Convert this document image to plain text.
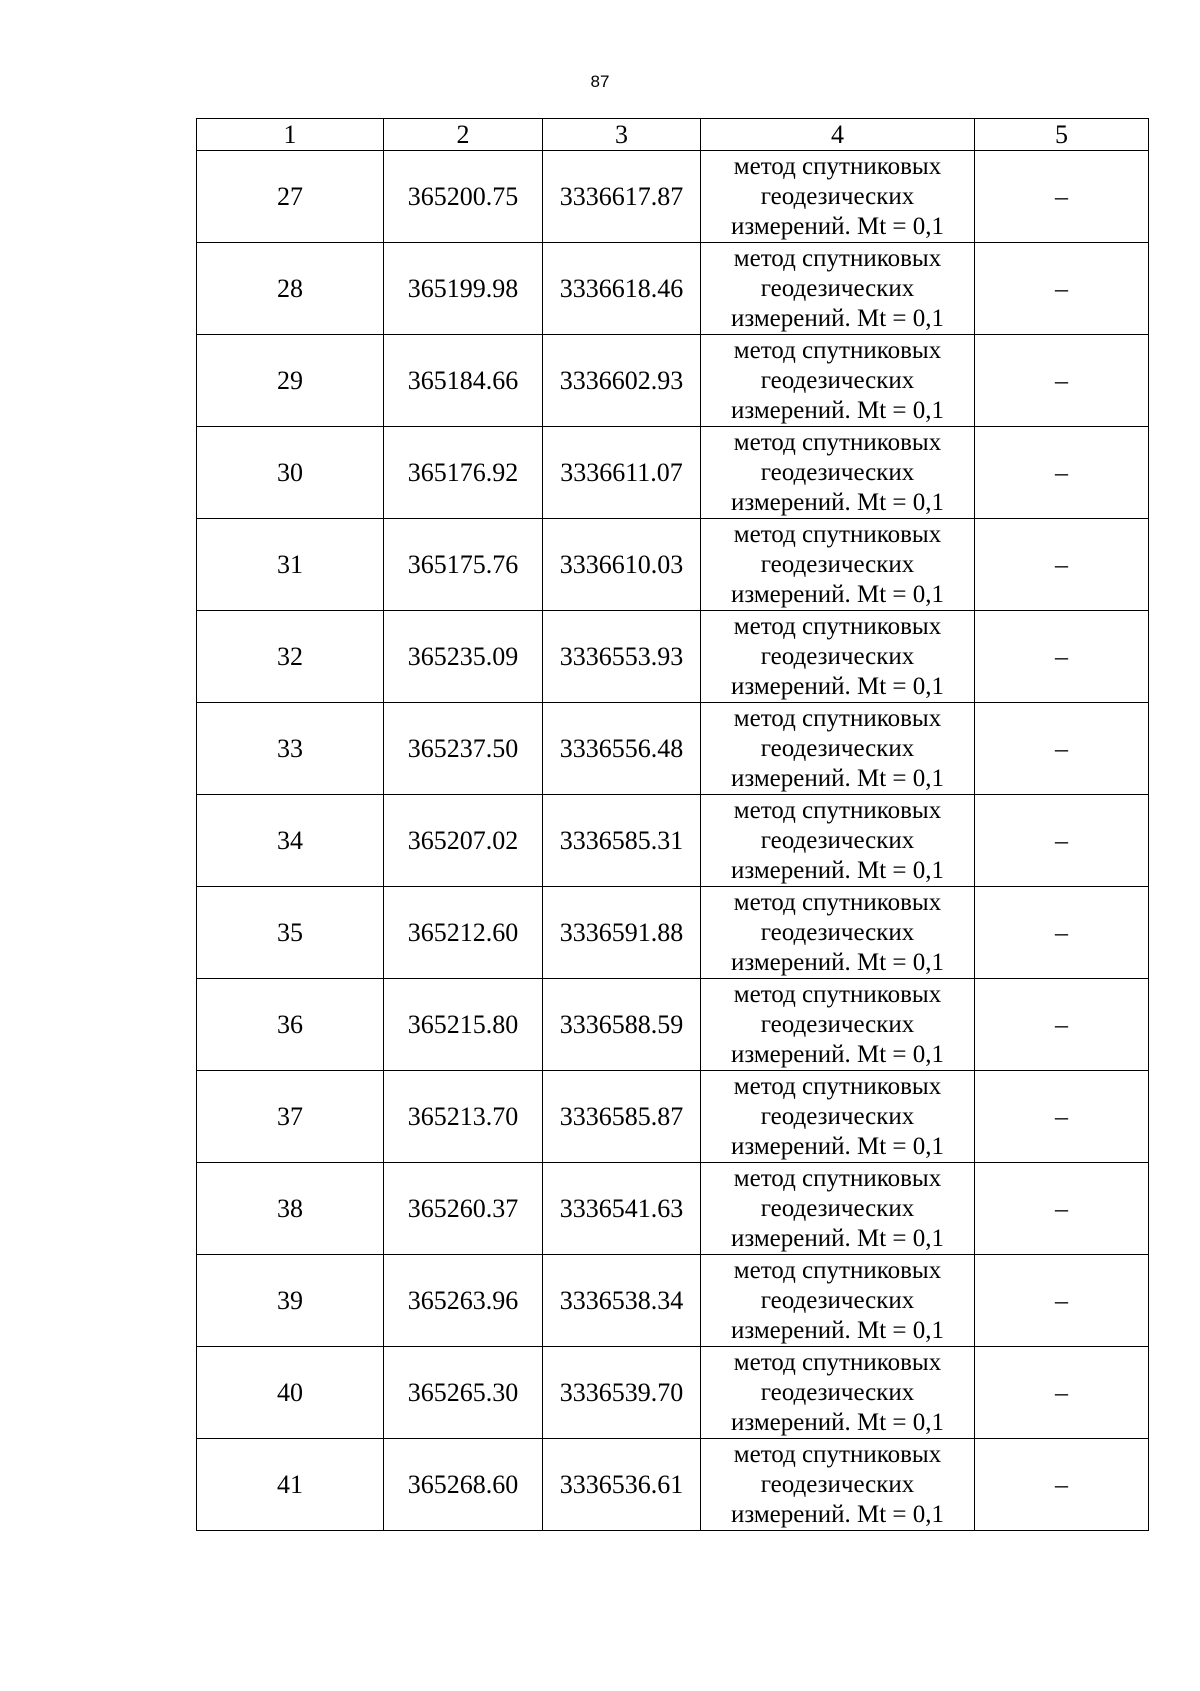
87
1	2	3	4	5
27	365200.75	3336617.87	метод спутниковых
геодезических
измерений. Mt = 0,1	–
28	365199.98	3336618.46	метод спутниковых
геодезических
измерений. Mt = 0,1	–
29	365184.66	3336602.93	метод спутниковых
геодезических
измерений. Mt = 0,1	–
30	365176.92	3336611.07	метод спутниковых
геодезических
измерений. Mt = 0,1	–
31	365175.76	3336610.03	метод спутниковых
геодезических
измерений. Mt = 0,1	–
32	365235.09	3336553.93	метод спутниковых
геодезических
измерений. Mt = 0,1	–
33	365237.50	3336556.48	метод спутниковых
геодезических
измерений. Mt = 0,1	–
34	365207.02	3336585.31	метод спутниковых
геодезических
измерений. Mt = 0,1	–
35	365212.60	3336591.88	метод спутниковых
геодезических
измерений. Mt = 0,1	–
36	365215.80	3336588.59	метод спутниковых
геодезических
измерений. Mt = 0,1	–
37	365213.70	3336585.87	метод спутниковых
геодезических
измерений. Mt = 0,1	–
38	365260.37	3336541.63	метод спутниковых
геодезических
измерений. Mt = 0,1	–
39	365263.96	3336538.34	метод спутниковых
геодезических
измерений. Mt = 0,1	–
40	365265.30	3336539.70	метод спутниковых
геодезических
измерений. Mt = 0,1	–
41	365268.60	3336536.61	метод спутниковых
геодезических
измерений. Mt = 0,1	–
